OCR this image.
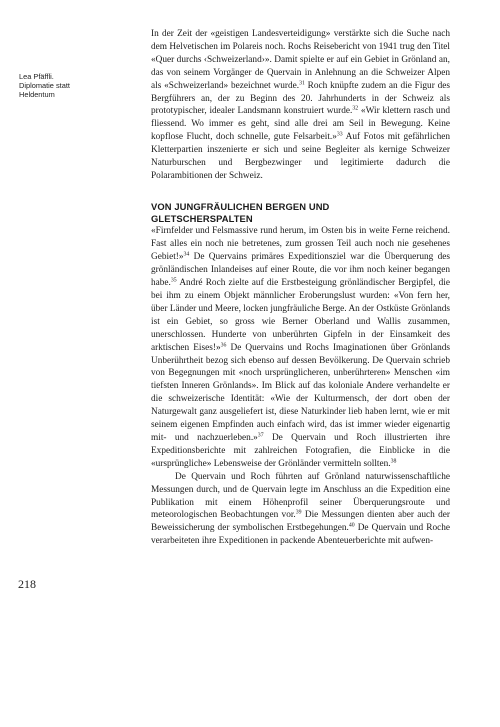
Lea Pfäffli.
Diplomatie statt
Heldentum
218

In der Zeit der «geistigen Landesverteidigung» verstärkte sich die Suche nach dem Helvetischen im Polareis noch. Rochs Reisebericht von 1941 trug den Titel «Quer durchs ‹Schweizerland›». Damit spielte er auf ein Gebiet in Grönland an, das von seinem Vorgänger de Quervain in Anlehnung an die Schweizer Alpen als «Schweizerland» bezeichnet wurde.$^{31}$ Roch knüpfte zudem an die Figur des Bergführers an, der zu Beginn des 20. Jahrhunderts in der Schweiz als prototypischer, idealer Landsmann konstruiert wurde.$^{32}$ «Wir klettern rasch und fliessend. Wo immer es geht, sind alle drei am Seil in Bewegung. Keine kopflose Flucht, doch schnelle, gute Felsarbeit.»$^{33}$ Auf Fotos mit gefährlichen Kletterpartien inszenierte er sich und seine Begleiter als kernige Schweizer Naturburschen und Bergbezwinger und legitimierte dadurch die Polarambitionen der Schweiz.

VON JUNGFRÄULICHEN BERGEN UND
GLETSCHERSPALTEN

«Firnfelder und Felsmassive rund herum, im Osten bis in weite Ferne reichend. Fast alles ein noch nie betretenes, zum grossen Teil auch noch nie gesehenes Gebiet!»$^{34}$ De Quervains primäres Expeditionsziel war die Überquerung des grönländischen Inlandeises auf einer Route, die vor ihm noch keiner begangen habe.$^{35}$ André Roch zielte auf die Erstbesteigung grönländischer Bergipfel, die bei ihm zu einem Objekt männlicher Eroberungslust wurden: «Von fern her, über Länder und Meere, locken jungfräuliche Berge. An der Ostküste Grönlands ist ein Gebiet, so gross wie Berner Oberland und Wallis zusammen, unerschlossen. Hunderte von unberührten Gipfeln in der Einsamkeit des arktischen Eises!»$^{36}$ De Quervains und Rochs Imaginationen über Grönlands Unberührtheit bezog sich ebenso auf dessen Bevölkerung. De Quervain schrieb von Begegnungen mit «noch ursprünglicheren, unberührteren» Menschen «im tiefsten Inneren Grönlands». Im Blick auf das koloniale Andere verhandelte er die schweizerische Identität: «Wie der Kulturmensch, der dort oben der Naturgewalt ganz ausgeliefert ist, diese Naturkinder lieb haben lernt, wie er mit seinem eigenen Empfinden auch einfach wird, das ist immer wieder eigenartig mit- und nachzuerleben.»$^{37}$ De Quervain und Roch illustrierten ihre Expeditionsberichte mit zahlreichen Fotografien, die Einblicke in die «ursprüngliche» Lebensweise der Grönländer vermitteln sollten.$^{38}$

De Quervain und Roch führten auf Grönland naturwissenschaftliche Messungen durch, und de Quervain legte im Anschluss an die Expedition eine Publikation mit einem Höhenprofil seiner Überquerungsroute und meteorologischen Beobachtungen vor.$^{39}$ Die Messungen dienten aber auch der Beweissicherung der symbolischen Erstbegehungen.$^{40}$ De Quervain und Roche verarbeiteten ihre Expeditionen in packende Abenteuerberichte mit aufwen-
